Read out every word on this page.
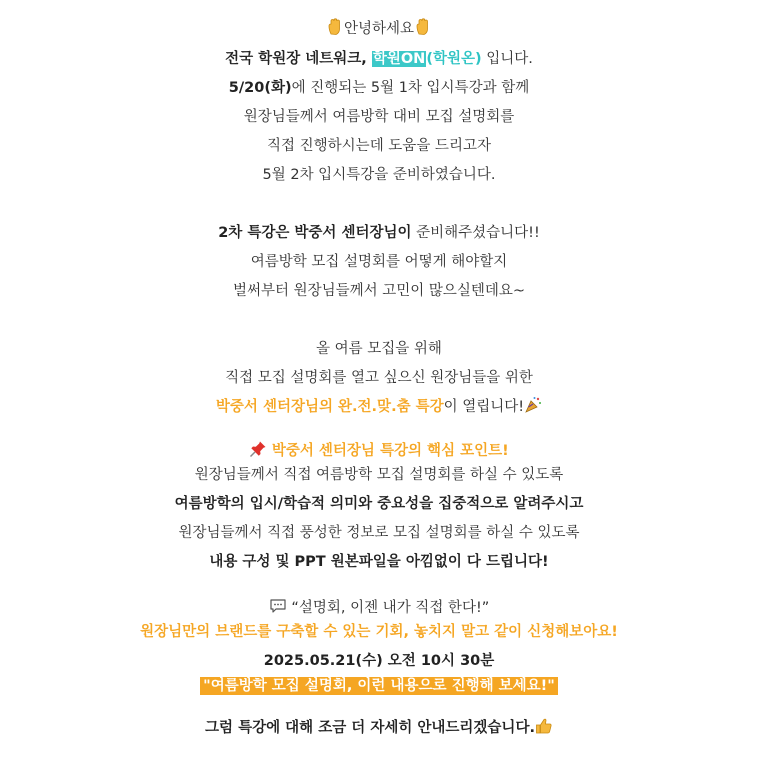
안녕하세요
전국 학원장 네트워크, 학원ON(학원온) 입니다.
5/20(화)에 진행되는 5월 1차 입시특강과 함께
원장님들께서 여름방학 대비 모집 설명회를
직접 진행하시는데 도움을 드리고자
5월 2차 입시특강을 준비하였습니다.
2차 특강은 박중서 센터장님이 준비해주셨습니다!!
여름방학 모집 설명회를 어떻게 해야할지
벌써부터 원장님들께서 고민이 많으실텐데요~
올 여름 모집을 위해
직접 모집 설명회를 열고 싶으신 원장님들을 위한
박중서 센터장님의 완.전.맞.춤 특강이 열립니다!
박중서 센터장님 특강의 핵심 포인트!
원장님들께서 직접 여름방학 모집 설명회를 하실 수 있도록
여름방학의 입시/학습적 의미와 중요성을 집중적으로 알려주시고
원장님들께서 직접 풍성한 정보로 모집 설명회를 하실 수 있도록
내용 구성 및 PPT 원본파일을 아낌없이 다 드립니다!
“설명회, 이젠 내가 직접 한다!”
원장님만의 브랜드를 구축할 수 있는 기회, 놓치지 말고 같이 신청해보아요!
2025.05.21(수) 오전 10시 30분
"여름방학 모집 설명회, 이런 내용으로 진행해 보세요!"
그럼 특강에 대해 조금 더 자세히 안내드리겠습니다.
